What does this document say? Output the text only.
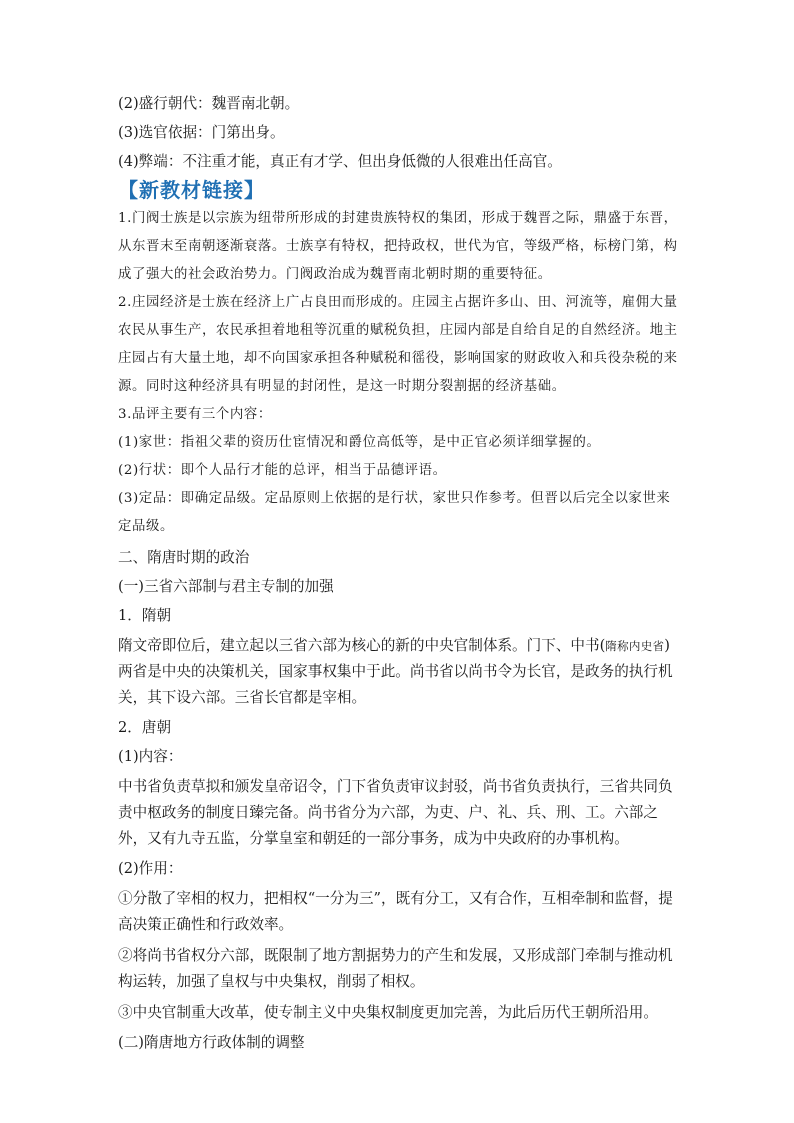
(2)盛行朝代：魏晋南北朝。

(3)选官依据：门第出身。

(4)弊端：不注重才能，真正有才学、但出身低微的人很难出任高官。

【新教材链接】

1.门阀士族是以宗族为纽带所形成的封建贵族特权的集团，形成于魏晋之际，鼎盛于东晋，从东晋末至南朝逐渐衰落。士族享有特权，把持政权，世代为官，等级严格，标榜门第，构成了强大的社会政治势力。门阀政治成为魏晋南北朝时期的重要特征。

2.庄园经济是士族在经济上广占良田而形成的。庄园主占据许多山、田、河流等，雇佣大量农民从事生产，农民承担着地租等沉重的赋税负担，庄园内部是自给自足的自然经济。地主庄园占有大量土地，却不向国家承担各种赋税和徭役，影响国家的财政收入和兵役杂税的来源。同时这种经济具有明显的封闭性，是这一时期分裂割据的经济基础。

3.品评主要有三个内容：

(1)家世：指祖父辈的资历仕宦情况和爵位高低等，是中正官必须详细掌握的。

(2)行状：即个人品行才能的总评，相当于品德评语。

(3)定品：即确定品级。定品原则上依据的是行状，家世只作参考。但晋以后完全以家世来定品级。

二、隋唐时期的政治

(一)三省六部制与君主专制的加强

1．隋朝

隋文帝即位后，建立起以三省六部为核心的新的中央官制体系。门下、中书(隋称内史省)两省是中央的决策机关，国家事权集中于此。尚书省以尚书令为长官，是政务的执行机关，其下设六部。三省长官都是宰相。

2．唐朝

(1)内容：

中书省负责草拟和颁发皇帝诏令，门下省负责审议封驳，尚书省负责执行，三省共同负责中枢政务的制度日臻完备。尚书省分为六部，为吏、户、礼、兵、刑、工。六部之外，又有九寺五监，分掌皇室和朝廷的一部分事务，成为中央政府的办事机构。

(2)作用：

①分散了宰相的权力，把相权“一分为三”，既有分工，又有合作，互相牵制和监督，提高决策正确性和行政效率。

②将尚书省权分六部，既限制了地方割据势力的产生和发展，又形成部门牵制与推动机构运转，加强了皇权与中央集权，削弱了相权。

③中央官制重大改革，使专制主义中央集权制度更加完善，为此后历代王朝所沿用。

(二)隋唐地方行政体制的调整
